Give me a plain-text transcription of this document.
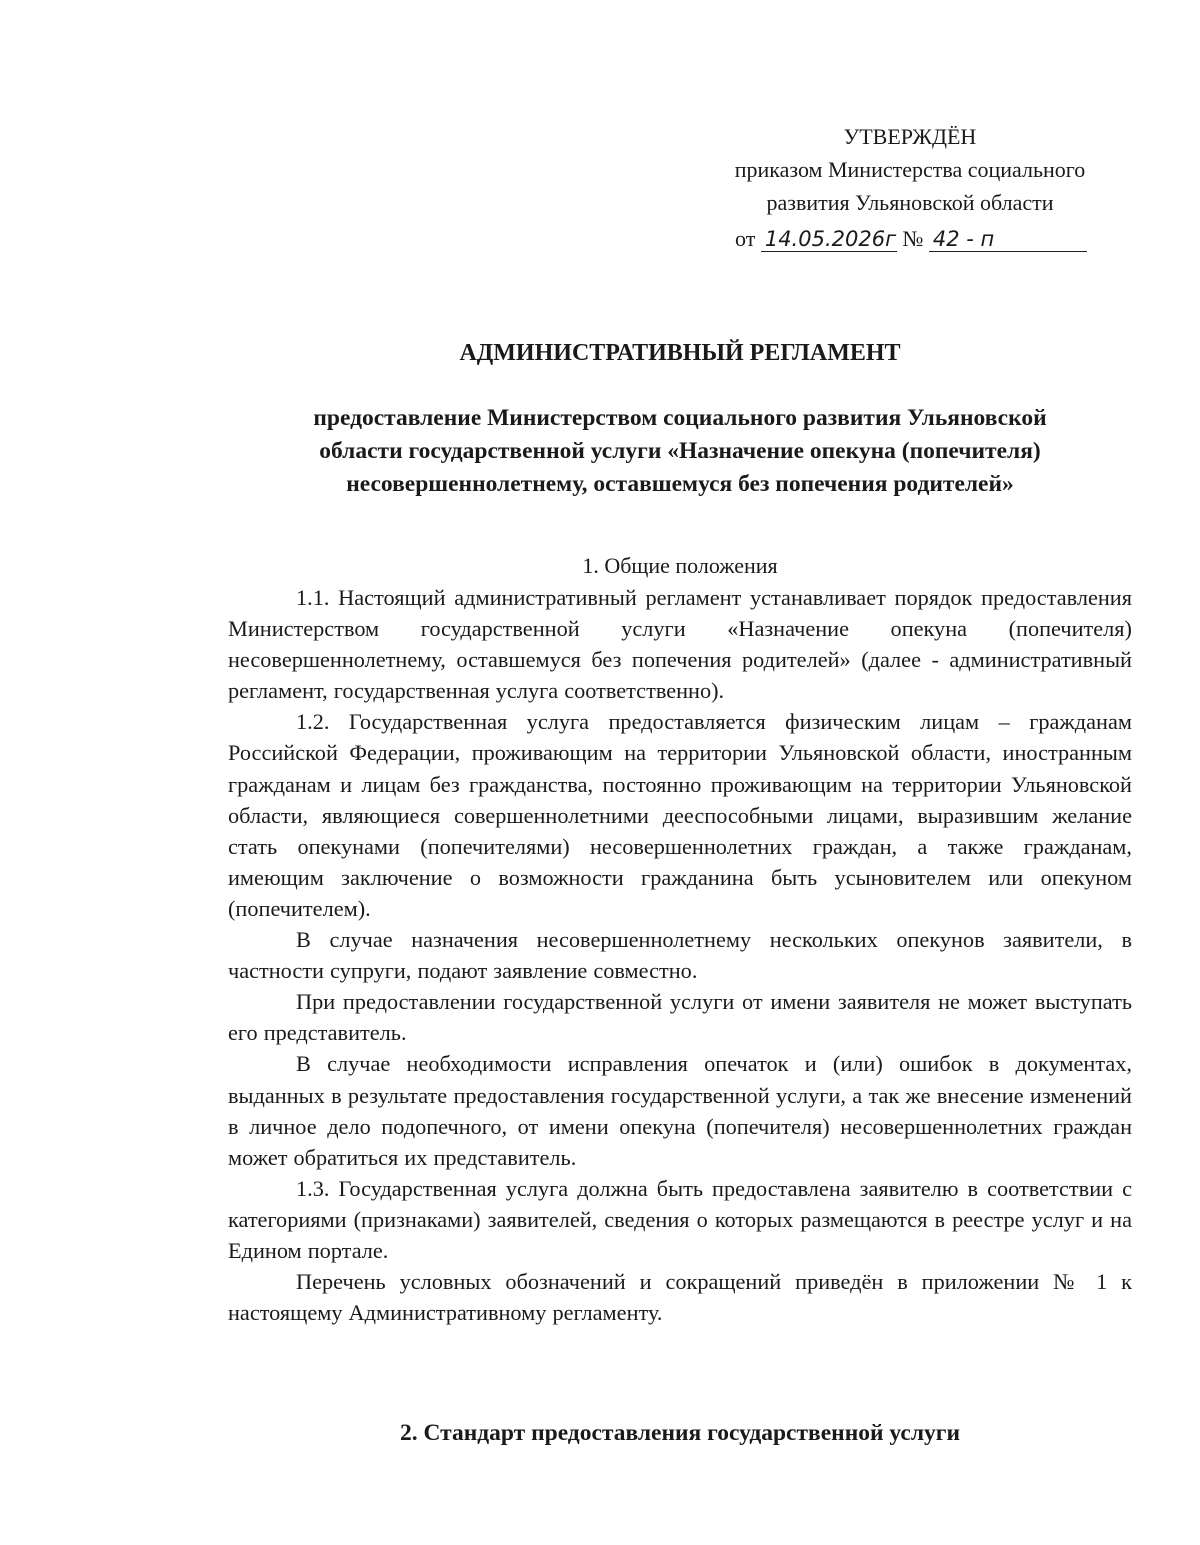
УТВЕРЖДЁН
приказом Министерства социального
развития Ульяновской области
от 14.05.2026г № 42 - п
АДМИНИСТРАТИВНЫЙ РЕГЛАМЕНТ
предоставление Министерством социального развития Ульяновской
области государственной услуги «Назначение опекуна (попечителя)
несовершеннолетнему, оставшемуся без попечения родителей»
1. Общие положения

1.1. Настоящий административный регламент устанавливает порядок предоставления Министерством государственной услуги «Назначение опекуна (попечителя) несовершеннолетнему, оставшемуся без попечения родителей» (далее - административный регламент, государственная услуга соответственно).

1.2. Государственная услуга предоставляется физическим лицам – гражданам Российской Федерации, проживающим на территории Ульяновской области, иностранным гражданам и лицам без гражданства, постоянно проживающим на территории Ульяновской области, являющиеся совершеннолетними дееспособными лицами, выразившим желание стать опекунами (попечителями) несовершеннолетних граждан, а также гражданам, имеющим заключение о возможности гражданина быть усыновителем или опекуном (попечителем).

В случае назначения несовершеннолетнему нескольких опекунов заявители, в частности супруги, подают заявление совместно.

При предоставлении государственной услуги от имени заявителя не может выступать его представитель.

В случае необходимости исправления опечаток и (или) ошибок в документах, выданных в результате предоставления государственной услуги, а так же внесение изменений в личное дело подопечного, от имени опекуна (попечителя) несовершеннолетних граждан может обратиться их представитель.

1.3. Государственная услуга должна быть предоставлена заявителю в соответствии с категориями (признаками) заявителей, сведения о которых размещаются в реестре услуг и на Едином портале.

Перечень условных обозначений и сокращений приведён в приложении № 1 к настоящему Административному регламенту.

2. Стандарт предоставления государственной услуги
